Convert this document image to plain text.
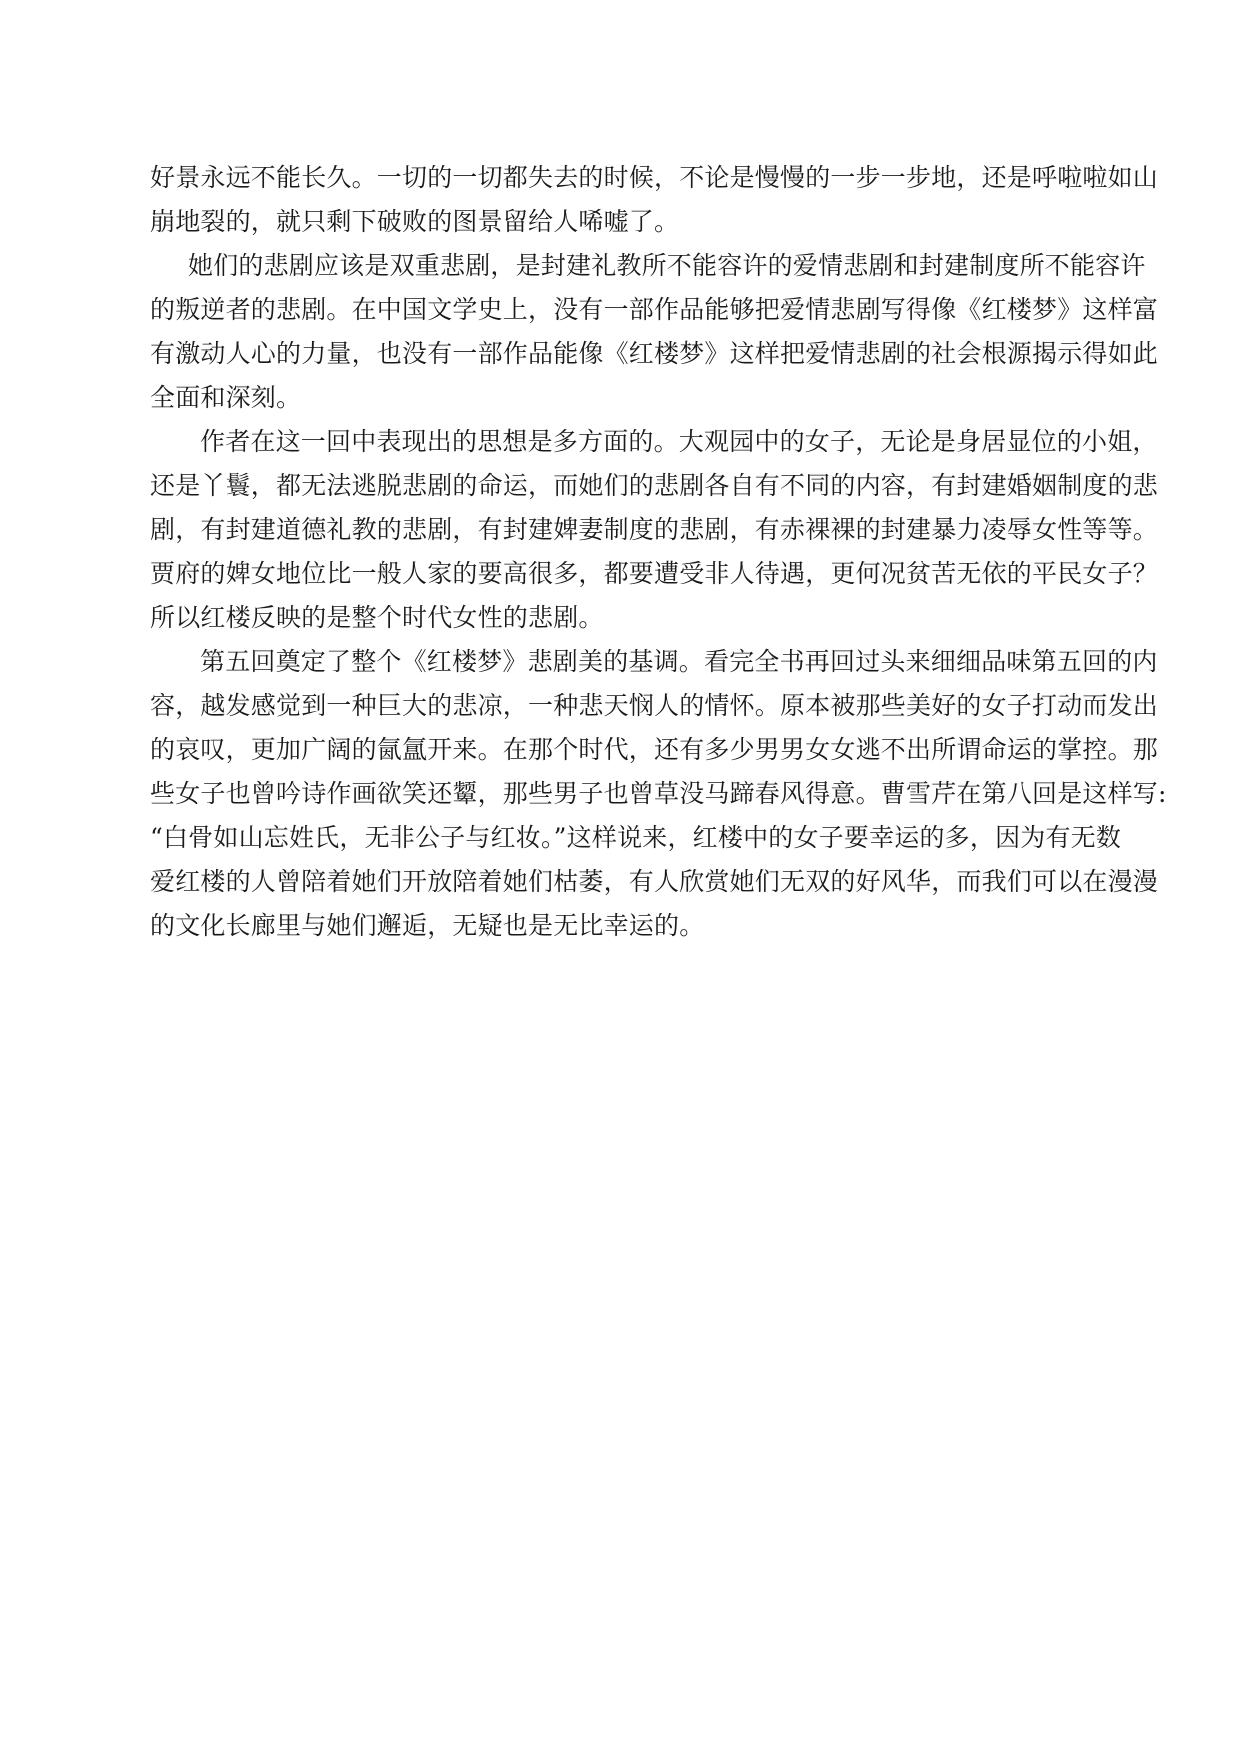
好景永远不能长久。一切的一切都失去的时候，不论是慢慢的一步一步地，还是呼啦啦如山
崩地裂的，就只剩下破败的图景留给人唏嘘了。
她们的悲剧应该是双重悲剧，是封建礼教所不能容许的爱情悲剧和封建制度所不能容许
的叛逆者的悲剧。在中国文学史上，没有一部作品能够把爱情悲剧写得像《红楼梦》这样富
有激动人心的力量，也没有一部作品能像《红楼梦》这样把爱情悲剧的社会根源揭示得如此
全面和深刻。
作者在这一回中表现出的思想是多方面的。大观园中的女子，无论是身居显位的小姐，
还是丫鬟，都无法逃脱悲剧的命运，而她们的悲剧各自有不同的内容，有封建婚姻制度的悲
剧，有封建道德礼教的悲剧，有封建婢妻制度的悲剧，有赤裸裸的封建暴力凌辱女性等等。
贾府的婢女地位比一般人家的要高很多，都要遭受非人待遇，更何况贫苦无依的平民女子？
所以红楼反映的是整个时代女性的悲剧。
第五回奠定了整个《红楼梦》悲剧美的基调。看完全书再回过头来细细品味第五回的内
容，越发感觉到一种巨大的悲凉，一种悲天悯人的情怀。原本被那些美好的女子打动而发出
的哀叹，更加广阔的氤氲开来。在那个时代，还有多少男男女女逃不出所谓命运的掌控。那
些女子也曾吟诗作画欲笑还颦，那些男子也曾草没马蹄春风得意。曹雪芹在第八回是这样写:
“白骨如山忘姓氏，无非公子与红妆。”这样说来，红楼中的女子要幸运的多，因为有无数
爱红楼的人曾陪着她们开放陪着她们枯萎，有人欣赏她们无双的好风华，而我们可以在漫漫
的文化长廊里与她们邂逅，无疑也是无比幸运的。
